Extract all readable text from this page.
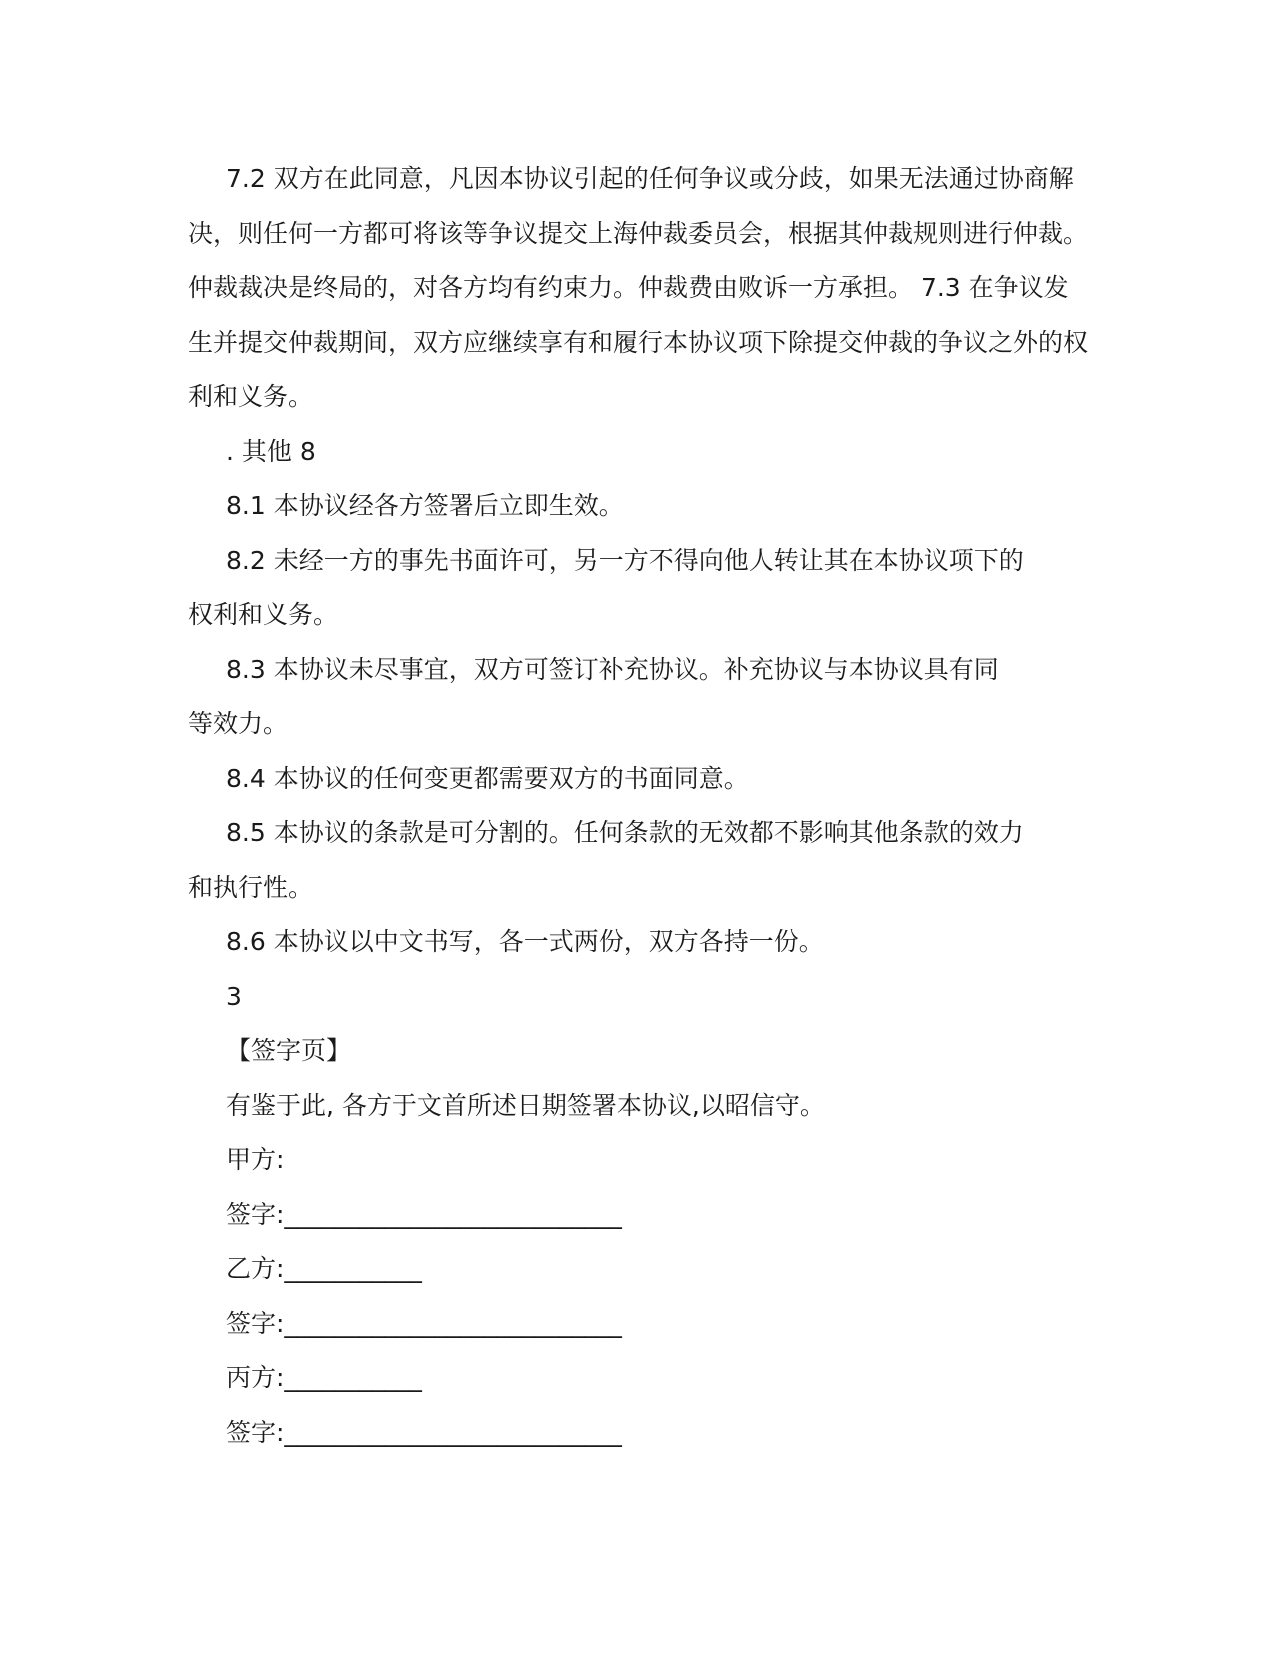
7.2 双方在此同意，凡因本协议引起的任何争议或分歧，如果无法通过协商解决，则任何一方都可将该等争议提交上海仲裁委员会，根据其仲裁规则进行仲裁。仲裁裁决是终局的，对各方均有约束力。仲裁费由败诉一方承担。 7.3 在争议发生并提交仲裁期间，双方应继续享有和履行本协议项下除提交仲裁的争议之外的权利和义务。

. 其他 8

8.1 本协议经各方签署后立即生效。

8.2 未经一方的事先书面许可，另一方不得向他人转让其在本协议项下的权利和义务。

8.3 本协议未尽事宜，双方可签订补充协议。补充协议与本协议具有同等效力。

8.4 本协议的任何变更都需要双方的书面同意。

8.5 本协议的条款是可分割的。任何条款的无效都不影响其他条款的效力和执行性。

8.6 本协议以中文书写，各一式两份，双方各持一份。

3

【签字页】

有鉴于此, 各方于文首所述日期签署本协议,以昭信守。

甲方:

签字:___________________________

乙方:___________

签字:___________________________

丙方:___________

签字:___________________________
